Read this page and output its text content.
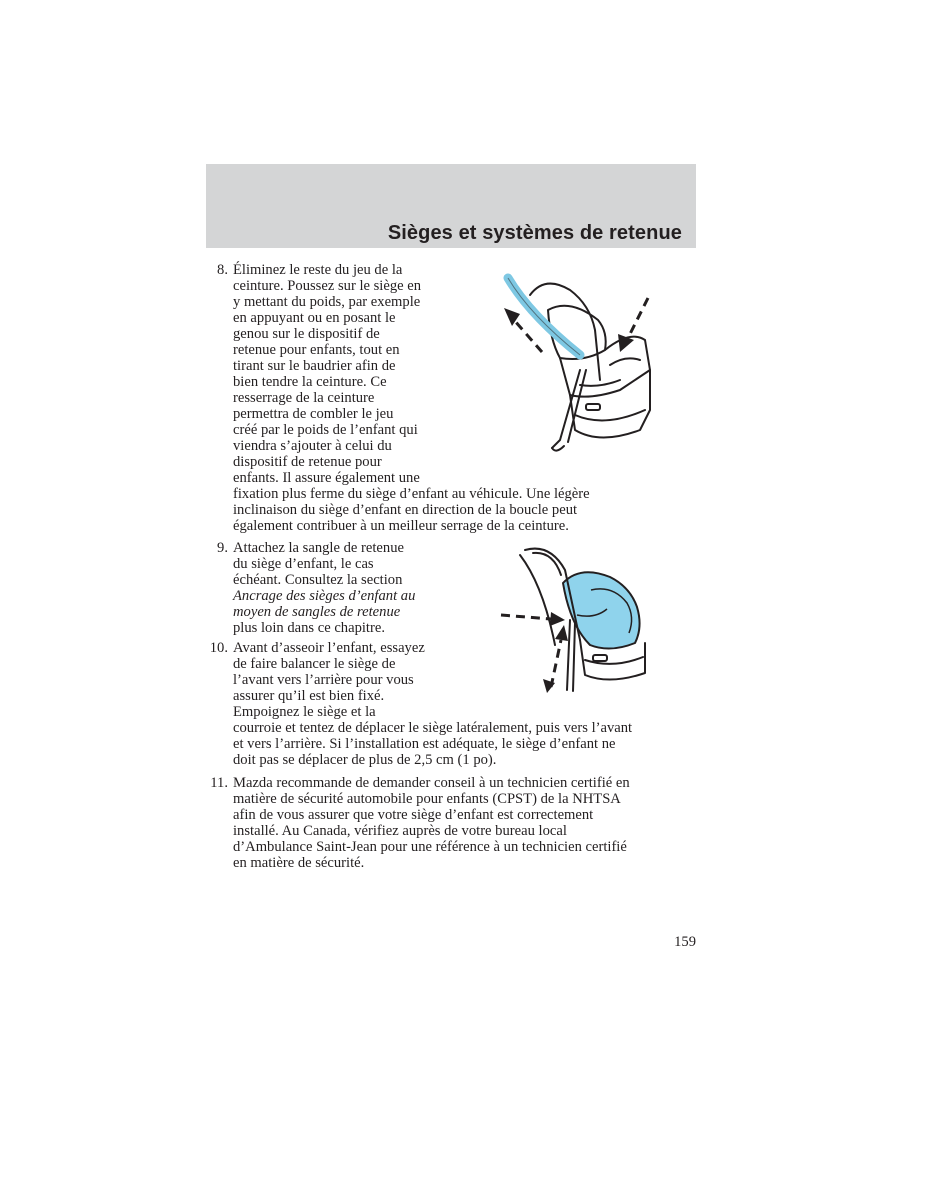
Sièges et systèmes de retenue
8. Éliminez le reste du jeu de la
ceinture. Poussez sur le siège en
y mettant du poids, par exemple
en appuyant ou en posant le
genou sur le dispositif de
retenue pour enfants, tout en
tirant sur le baudrier afin de
bien tendre la ceinture. Ce
resserrage de la ceinture
permettra de combler le jeu
créé par le poids de l’enfant qui
viendra s’ajouter à celui du
dispositif de retenue pour
enfants. Il assure également une
fixation plus ferme du siège d’enfant au véhicule. Une légère
inclinaison du siège d’enfant en direction de la boucle peut
également contribuer à un meilleur serrage de la ceinture.
9. Attachez la sangle de retenue
du siège d’enfant, le cas
échéant. Consultez la section
Ancrage des sièges d’enfant au
moyen de sangles de retenue
plus loin dans ce chapitre.
10. Avant d’asseoir l’enfant, essayez
de faire balancer le siège de
l’avant vers l’arrière pour vous
assurer qu’il est bien fixé.
Empoignez le siège et la
courroie et tentez de déplacer le siège latéralement, puis vers l’avant
et vers l’arrière. Si l’installation est adéquate, le siège d’enfant ne
doit pas se déplacer de plus de 2,5 cm (1 po).
11. Mazda recommande de demander conseil à un technicien certifié en
matière de sécurité automobile pour enfants (CPST) de la NHTSA
afin de vous assurer que votre siège d’enfant est correctement
installé. Au Canada, vérifiez auprès de votre bureau local
d’Ambulance Saint-Jean pour une référence à un technicien certifié
en matière de sécurité.
159
